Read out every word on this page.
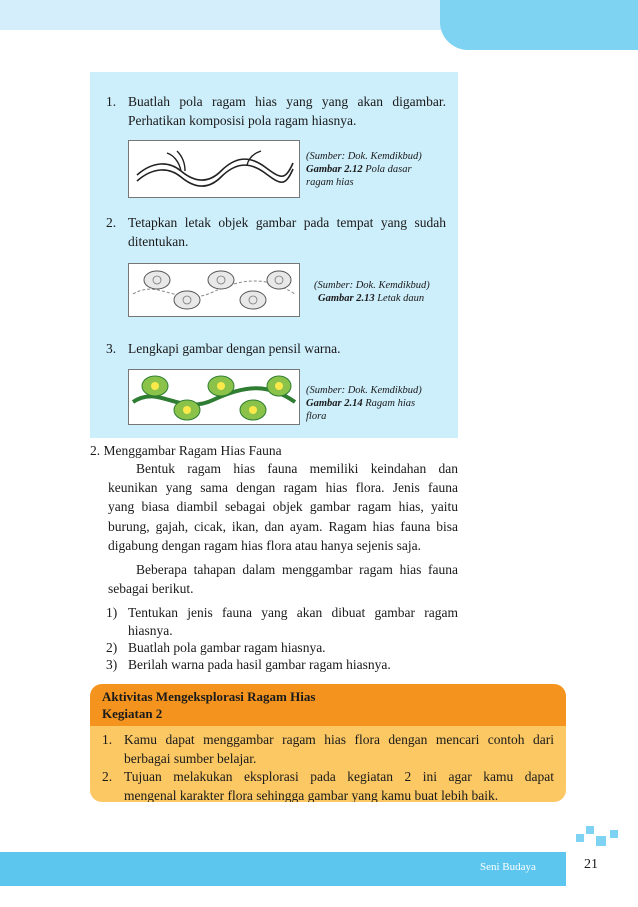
1. Buatlah pola ragam hias yang yang akan digambar.
Perhatikan komposisi pola ragam hiasnya.
(Sumber: Dok. Kemdikbud)
Gambar 2.12 Pola dasar
ragam hias
2. Tetapkan letak objek gambar pada tempat yang sudah
ditentukan.
(Sumber: Dok. Kemdikbud)
Gambar 2.13 Letak daun
3. Lengkapi gambar dengan pensil warna.
(Sumber: Dok. Kemdikbud)
Gambar 2.14 Ragam hias
flora
2. Menggambar Ragam Hias Fauna
Bentuk ragam hias fauna memiliki keindahan dan
keunikan yang sama dengan ragam hias flora. Jenis fauna
yang biasa diambil sebagai objek gambar ragam hias, yaitu
burung, gajah, cicak, ikan, dan ayam. Ragam hias fauna bisa
digabung dengan ragam hias flora atau hanya sejenis saja.
Beberapa tahapan dalam menggambar ragam hias fauna
sebagai berikut.
1) Tentukan jenis fauna yang akan dibuat gambar ragam
hiasnya.
2) Buatlah pola gambar ragam hiasnya.
3) Berilah warna pada hasil gambar ragam hiasnya.
Aktivitas Mengeksplorasi Ragam Hias
Kegiatan 2
1. Kamu dapat menggambar ragam hias flora dengan mencari contoh dari
berbagai sumber belajar.
2. Tujuan melakukan eksplorasi pada kegiatan 2 ini agar kamu dapat
mengenal karakter flora sehingga gambar yang kamu buat lebih baik.
Seni Budaya	21
